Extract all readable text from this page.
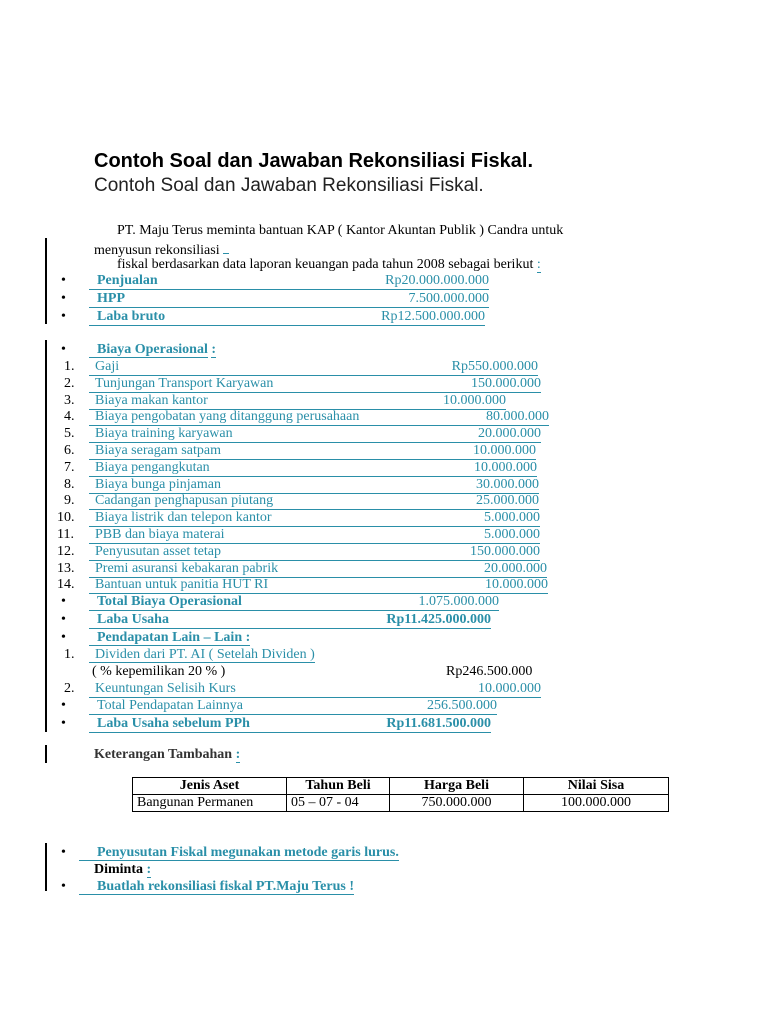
Contoh Soal dan Jawaban Rekonsiliasi Fiskal.
Contoh Soal dan Jawaban Rekonsiliasi Fiskal.
PT. Maju Terus meminta bantuan KAP ( Kantor Akuntan Publik ) Candra untuk
menyusun rekonsiliasi
fiskal berdasarkan data laporan keuangan pada tahun 2008 sebagai berikut :
• Penjualan	Rp20.000.000.000
• HPP	7.500.000.000
• Laba bruto	Rp12.500.000.000
•	Biaya Operasional :
1. Gaji	Rp550.000.000
2. Tunjungan Transport Karyawan	150.000.000
3. Biaya makan kantor	10.000.000
4. Biaya pengobatan yang ditanggung perusahaan	80.000.000
5. Biaya training karyawan	20.000.000
6. Biaya seragam satpam	10.000.000
7. Biaya pengangkutan	10.000.000
8. Biaya bunga pinjaman	30.000.000
9. Cadangan penghapusan piutang	25.000.000
10. Biaya listrik dan telepon kantor	5.000.000
11. PBB dan biaya materai	5.000.000
12. Penyusutan asset tetap	150.000.000
13. Premi asuransi kebakaran pabrik	20.000.000
14. Bantuan untuk panitia HUT RI	10.000.000
• Total Biaya Operasional	1.075.000.000
• Laba Usaha	Rp11.425.000.000
•	Pendapatan Lain – Lain :
1.	Dividen dari PT. AI ( Setelah Dividen )
( % kepemilikan 20 % )	Rp246.500.000
2. Keuntungan Selisih Kurs	10.000.000
• Total Pendapatan Lainnya	256.500.000
• Laba Usaha sebelum PPh	Rp11.681.500.000
Keterangan Tambahan :
Jenis Aset	Tahun Beli	Harga Beli	Nilai Sisa
Bangunan Permanen	05 – 07 - 04	750.000.000	100.000.000
•	Penyusutan Fiskal megunakan metode garis lurus.
Diminta :
•	Buatlah rekonsiliasi fiskal PT.Maju Terus !
